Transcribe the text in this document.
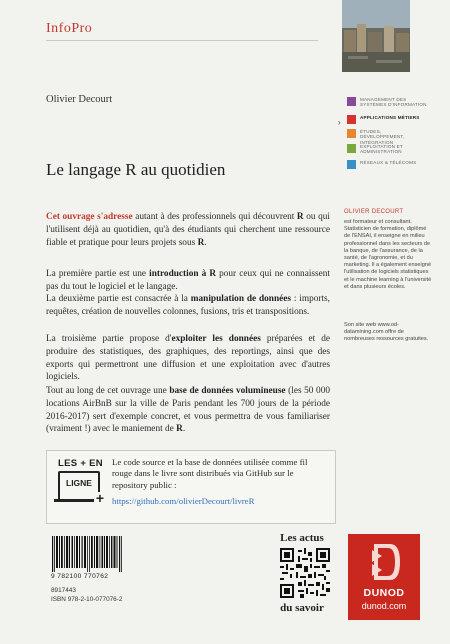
InfoPro
Olivier Decourt
Le langage R au quotidien
›
MANAGEMENT DES SYSTÈMES D'INFORMATION
APPLICATIONS MÉTIERS
ÉTUDES, DÉVELOPPEMENT, INTÉGRATION
EXPLOITATION ET ADMINISTRATION
RÉSEAUX & TÉLÉCOMS
OLIVIER DECOURT
est formateur et consultant. Statisticien de formation, diplômé de l'ENSAI, il enseigne en milieu professionnel dans les secteurs de la banque, de l'assurance, de la santé, de l'agronomie, et du marketing. Il a également enseigné l'utilisation de logiciels statistiques et le machine learning à l'université et dans plusieurs écoles.
Son site web www.od-datamining.com offre de nombreuses ressources gratuites.
Cet ouvrage s'adresse autant à des professionnels qui découvrent R ou qui l'utilisent déjà au quotidien, qu'à des étudiants qui cherchent une ressource fiable et pratique pour leurs projets sous R.
La première partie est une introduction à R pour ceux qui ne connaissent pas du tout le logiciel et le langage.
La deuxième partie est consacrée à la manipulation de données : imports, requêtes, création de nouvelles colonnes, fusions, tris et transpositions.
La troisième partie propose d'exploiter les données préparées et de produire des statistiques, des graphiques, des reportings, ainsi que des exports qui permettront une diffusion et une exploitation avec d'autres logiciels.
Tout au long de cet ouvrage une base de données volumineuse (les 50 000 locations AirBnB sur la ville de Paris pendant les 700 jours de la période 2016-2017) sert d'exemple concret, et vous permettra de vous familiariser (vraiment !) avec le maniement de R.
LES + EN
LIGNE
+
Le code source et la base de données utilisée comme fil rouge dans le livre sont distribués via GitHub sur le repository public :
https://github.com/olivierDecourt/livreR
9 782100 770762
8917443
ISBN 978-2-10-077076-2
Les actus
du savoir
DUNOD
dunod.com
